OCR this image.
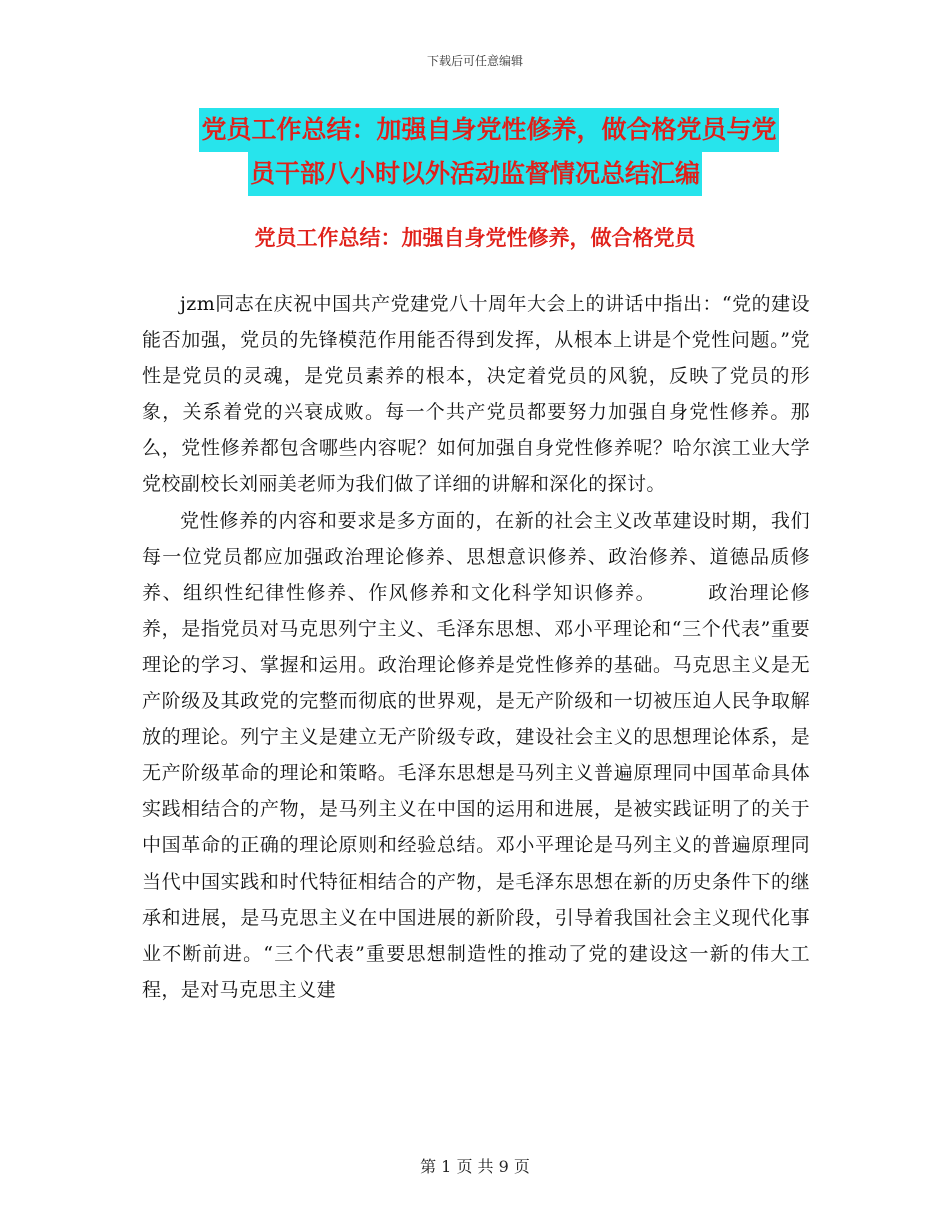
下载后可任意编辑
党员工作总结：加强自身党性修养，做合格党员与党
员干部八小时以外活动监督情况总结汇编
党员工作总结：加强自身党性修养，做合格党员

jzm同志在庆祝中国共产党建党八十周年大会上的讲话中指出：“党的建设能否加强，党员的先锋模范作用能否得到发挥，从根本上讲是个党性问题。”党性是党员的灵魂，是党员素养的根本，决定着党员的风貌，反映了党员的形象，关系着党的兴衰成败。每一个共产党员都要努力加强自身党性修养。那么，党性修养都包含哪些内容呢？如何加强自身党性修养呢？哈尔滨工业大学党校副校长刘丽美老师为我们做了详细的讲解和深化的探讨。

党性修养的内容和要求是多方面的，在新的社会主义改革建设时期，我们每一位党员都应加强政治理论修养、思想意识修养、政治修养、道德品质修养、组织性纪律性修养、作风修养和文化科学知识修养。　　　政治理论修养，是指党员对马克思列宁主义、毛泽东思想、邓小平理论和“三个代表”重要理论的学习、掌握和运用。政治理论修养是党性修养的基础。马克思主义是无产阶级及其政党的完整而彻底的世界观，是无产阶级和一切被压迫人民争取解放的理论。列宁主义是建立无产阶级专政，建设社会主义的思想理论体系，是无产阶级革命的理论和策略。毛泽东思想是马列主义普遍原理同中国革命具体实践相结合的产物，是马列主义在中国的运用和进展，是被实践证明了的关于中国革命的正确的理论原则和经验总结。邓小平理论是马列主义的普遍原理同当代中国实践和时代特征相结合的产物，是毛泽东思想在新的历史条件下的继承和进展，是马克思主义在中国进展的新阶段，引导着我国社会主义现代化事业不断前进。“三个代表”重要思想制造性的推动了党的建设这一新的伟大工程，是对马克思主义建

第 1 页 共 9 页
